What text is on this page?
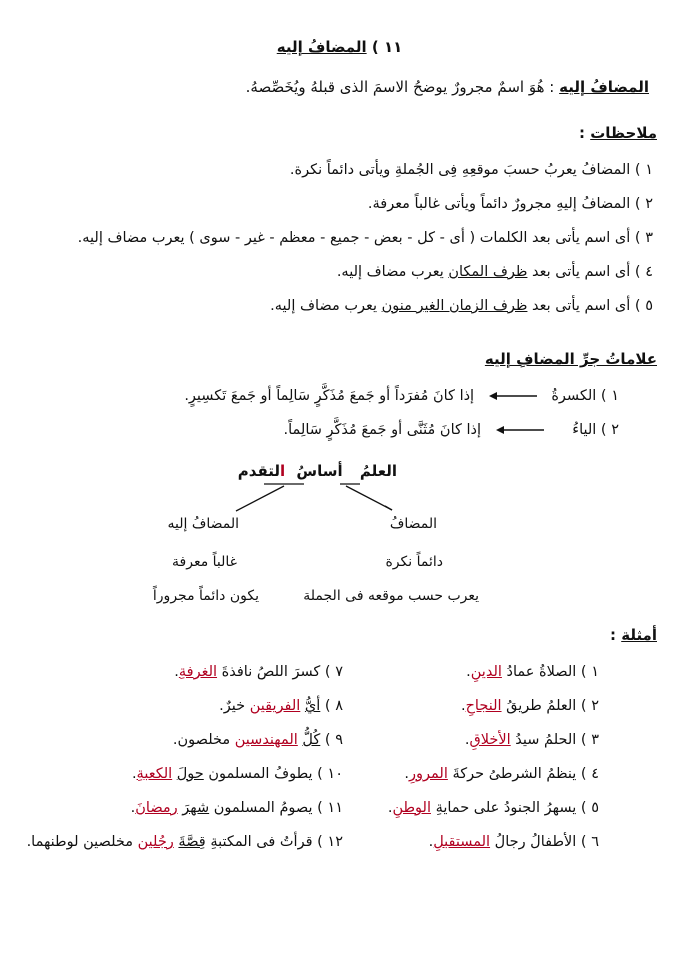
١١ ) المضافُ إليه
المضافُ إليه : هُوَ اسمٌ مجرورٌ يوضحُ الاسمَ الذى قبلهُ ويُخَصِّصهُ.
ملاحظات :
١ ) المضافُ يعربُ حسبَ موقعِهِ فِى الجُملةِ ويأتى دائماً نكرة.
٢ ) المضافُ إليهِ مجرورٌ دائماً ويأتى غالباً معرفة.
٣ ) أى اسم يأتى بعد الكلمات ( أى - كل - بعض - جميع - معظم - غير - سوى ) يعرب مضاف إليه.
٤ ) أى اسم يأتى بعد ظرف المكان يعرب مضاف إليه.
٥ ) أى اسم يأتى بعد ظرف الزمان الغير منون يعرب مضاف إليه.
علاماتُ جرِّ المضافِ إليه
١ ) الكسرةُ
إذا كانَ مُفرَداً أو جَمعَ مُذَكَّرٍ سَالِماً أو جَمعَ تَكسِيرٍ.
٢ ) الياءُ
إذا كانَ مُثَنَّى أو جَمعَ مُذَكَّرٍ سَالِماً.
العلمُ أساسُ التقدم
المضافُ
دائماً نكرة
يعرب حسب موقعه فى الجملة
المضافُ إليه
غالباً معرفة
يكون دائماً مجروراً
أمثلة :
١ ) الصلاةُ عمادُ الدينِ.
٢ ) العلمُ طريقُ النجاحِ.
٣ ) الحلمُ سيدُ الأخلاقِ.
٤ ) ينظمُ الشرطىُ حركةَ المرورِ.
٥ ) يسهرُ الجنودُ على حمايةِ الوطنِ.
٦ ) الأطفالُ رجالُ المستقبلِ.
٧ ) كسرَ اللصُ نافذةَ الغرفةِ.
٨ ) أيُّ الفريقين خيرٌ.
٩ ) كُلُّ المهندسين مخلصون.
١٠ ) يطوفُ المسلمون حولَ الكعبةِ.
١١ ) يصومُ المسلمون شهرَ رمضانَ.
١٢ ) قرأتُ فى المكتبةِ قِصَّةَ رجُلين مخلصين لوطنهما.
